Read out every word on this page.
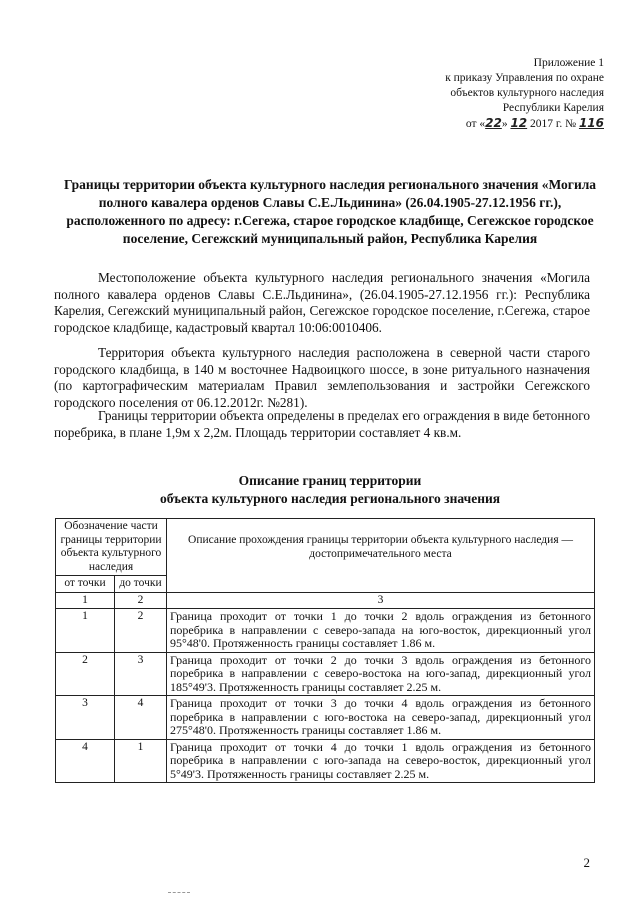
Приложение 1
к приказу Управления по охране
объектов культурного наследия
Республики Карелия
от «22» 12 2017 г. № 116
Границы территории объекта культурного наследия регионального значения «Могила полного кавалера орденов Славы С.Е.Льдинина» (26.04.1905-27.12.1956 гг.), расположенного по адресу: г.Сегежа, старое городское кладбище, Сегежское городское поселение, Сегежский муниципальный район, Республика Карелия
Местоположение объекта культурного наследия регионального значения «Могила полного кавалера орденов Славы С.Е.Льдинина», (26.04.1905-27.12.1956 гг.): Республика Карелия, Сегежский муниципальный район, Сегежское городское поселение, г.Сегежа, старое городское кладбище, кадастровый квартал 10:06:0010406.
Территория объекта культурного наследия расположена в северной части старого городского кладбища, в 140 м восточнее Надвоицкого шоссе, в зоне ритуального назначения (по картографическим материалам Правил землепользования и застройки Сегежского городского поселения от 06.12.2012г. №281).
Границы территории объекта определены в пределах его ограждения в виде бетонного поребрика, в плане 1,9м х 2,2м. Площадь территории составляет 4 кв.м.
Описание границ территории
объекта культурного наследия регионального значения
Обозначение части границы территории объекта культурного наследия		Описание прохождения границы территории объекта культурного наследия — достопримечательного места
от точки	до точки	
1	2	3
1	2	Граница проходит от точки 1 до точки 2 вдоль ограждения из бетонного поребрика в направлении с северо-запада на юго-восток, дирекционный угол 95°48'0. Протяженность границы составляет 1.86 м.
2	3	Граница проходит от точки 2 до точки 3 вдоль ограждения из бетонного поребрика в направлении с северо-востока на юго-запад, дирекционный угол 185°49'3. Протяженность границы составляет 2.25 м.
3	4	Граница проходит от точки 3 до точки 4 вдоль ограждения из бетонного поребрика в направлении с юго-востока на северо-запад, дирекционный угол 275°48'0. Протяженность границы составляет 1.86 м.
4	1	Граница проходит от точки 4 до точки 1 вдоль ограждения из бетонного поребрика в направлении с юго-запада на северо-восток, дирекционный угол 5°49'3. Протяженность границы составляет 2.25 м.
2
